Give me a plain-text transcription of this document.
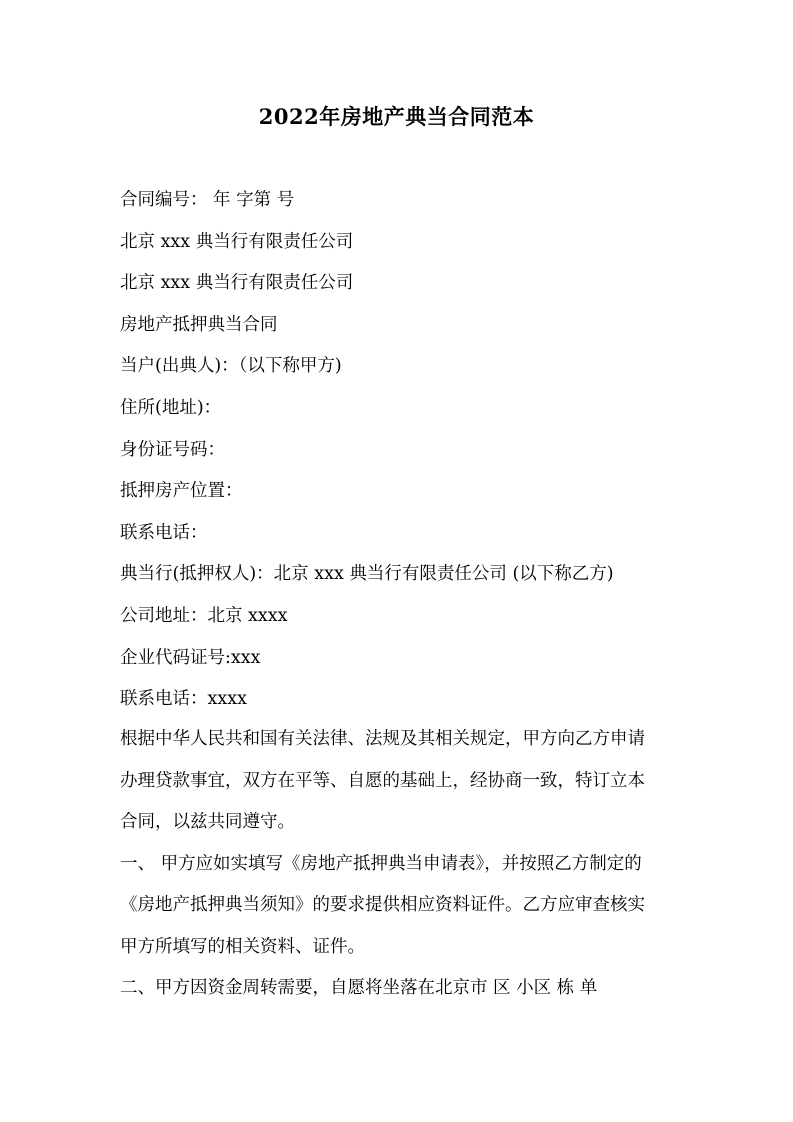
2022年房地产典当合同范本
合同编号： 年 字第 号
北京 xxx 典当行有限责任公司
北京 xxx 典当行有限责任公司
房地产抵押典当合同
当户(出典人)：（以下称甲方)
住所(地址)：
身份证号码：
抵押房产位置：
联系电话：
典当行(抵押权人)：北京 xxx 典当行有限责任公司 (以下称乙方)
公司地址：北京 xxxx
企业代码证号:xxx
联系电话：xxxx
根据中华人民共和国有关法律、法规及其相关规定，甲方向乙方申请
办理贷款事宜，双方在平等、自愿的基础上，经协商一致，特订立本
合同，以兹共同遵守。
一、 甲方应如实填写《房地产抵押典当申请表》，并按照乙方制定的
《房地产抵押典当须知》的要求提供相应资料证件。乙方应审查核实
甲方所填写的相关资料、证件。
二、甲方因资金周转需要，自愿将坐落在北京市 区 小区 栋 单
